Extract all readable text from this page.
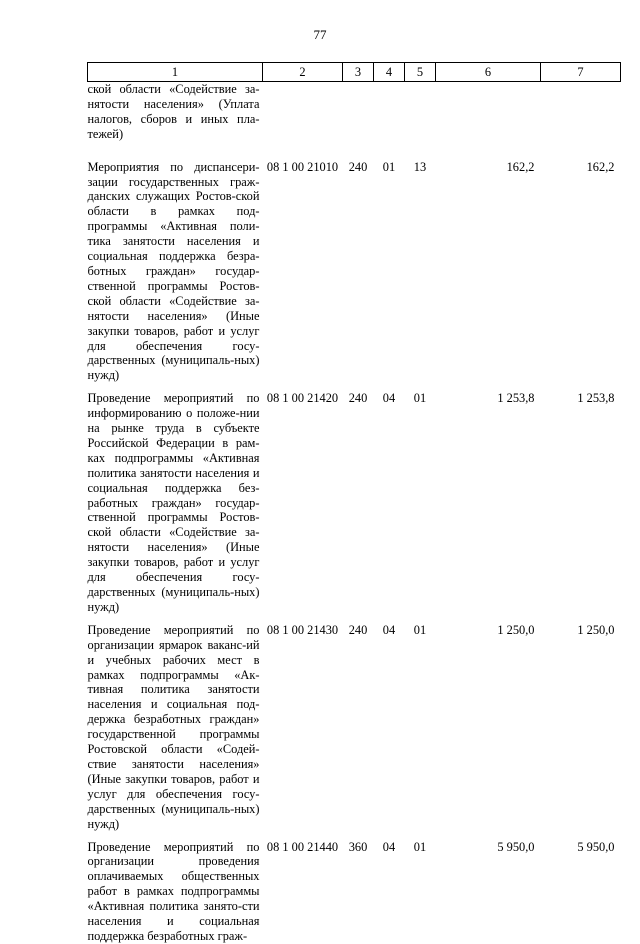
77
1	2	3	4	5	6	7
ской области «Содействие за-нятости населения» (Уплата налогов, сборов и иных пла-тежей)						
Мероприятия по диспансери-зации государственных граж-данских служащих Ростов-ской области в рамках под-программы «Активная поли-тика занятости населения и социальная поддержка безра-ботных граждан» государ-ственной программы Ростов-ской области «Содействие за-нятости населения» (Иные закупки товаров, работ и услуг для обеспечения госу-дарственных (муниципаль-ных) нужд)	08 1 00 21010	240	01	13	162,2	162,2
Проведение мероприятий по информированию о положе-нии на рынке труда в субъекте Российской Федерации в рам-ках подпрограммы «Активная политика занятости населения и социальная поддержка без-работных граждан» государ-ственной программы Ростов-ской области «Содействие за-нятости населения» (Иные закупки товаров, работ и услуг для обеспечения госу-дарственных (муниципаль-ных) нужд)	08 1 00 21420	240	04	01	1 253,8	1 253,8
Проведение мероприятий по организации ярмарок ваканс-ий и учебных рабочих мест в рамках подпрограммы «Ак-тивная политика занятости населения и социальная под-держка безработных граждан» государственной программы Ростовской области «Содей-ствие занятости населения» (Иные закупки товаров, работ и услуг для обеспечения госу-дарственных (муниципаль-ных) нужд)	08 1 00 21430	240	04	01	1 250,0	1 250,0
Проведение мероприятий по организации проведения оплачиваемых общественных работ в рамках подпрограммы «Активная политика занято-сти населения и социальная поддержка безработных граж-	08 1 00 21440	360	04	01	5 950,0	5 950,0
